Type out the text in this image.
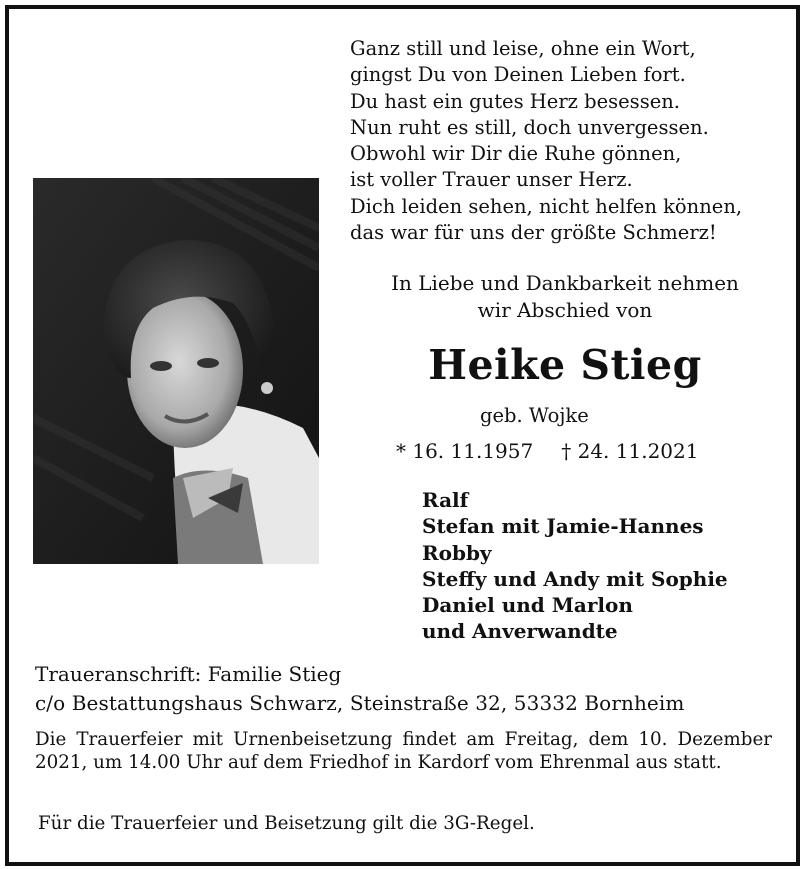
Ganz still und leise, ohne ein Wort,
gingst Du von Deinen Lieben fort.
Du hast ein gutes Herz besessen.
Nun ruht es still, doch unvergessen.
Obwohl wir Dir die Ruhe gönnen,
ist voller Trauer unser Herz.
Dich leiden sehen, nicht helfen können,
das war für uns der größte Schmerz!
In Liebe und Dankbarkeit nehmen
wir Abschied von
Heike Stieg
geb. Wojke
* 16. 11.1957 † 24. 11.2021
Ralf
Stefan mit Jamie-Hannes
Robby
Steffy und Andy mit Sophie
Daniel und Marlon
und Anverwandte
Traueranschrift: Familie Stieg
c/o Bestattungshaus Schwarz, Steinstraße 32, 53332 Bornheim
Die Trauerfeier mit Urnenbeisetzung findet am Freitag, dem 10. Dezember 2021, um 14.00 Uhr auf dem Friedhof in Kardorf vom Ehrenmal aus statt.
Für die Trauerfeier und Beisetzung gilt die 3G-Regel.
